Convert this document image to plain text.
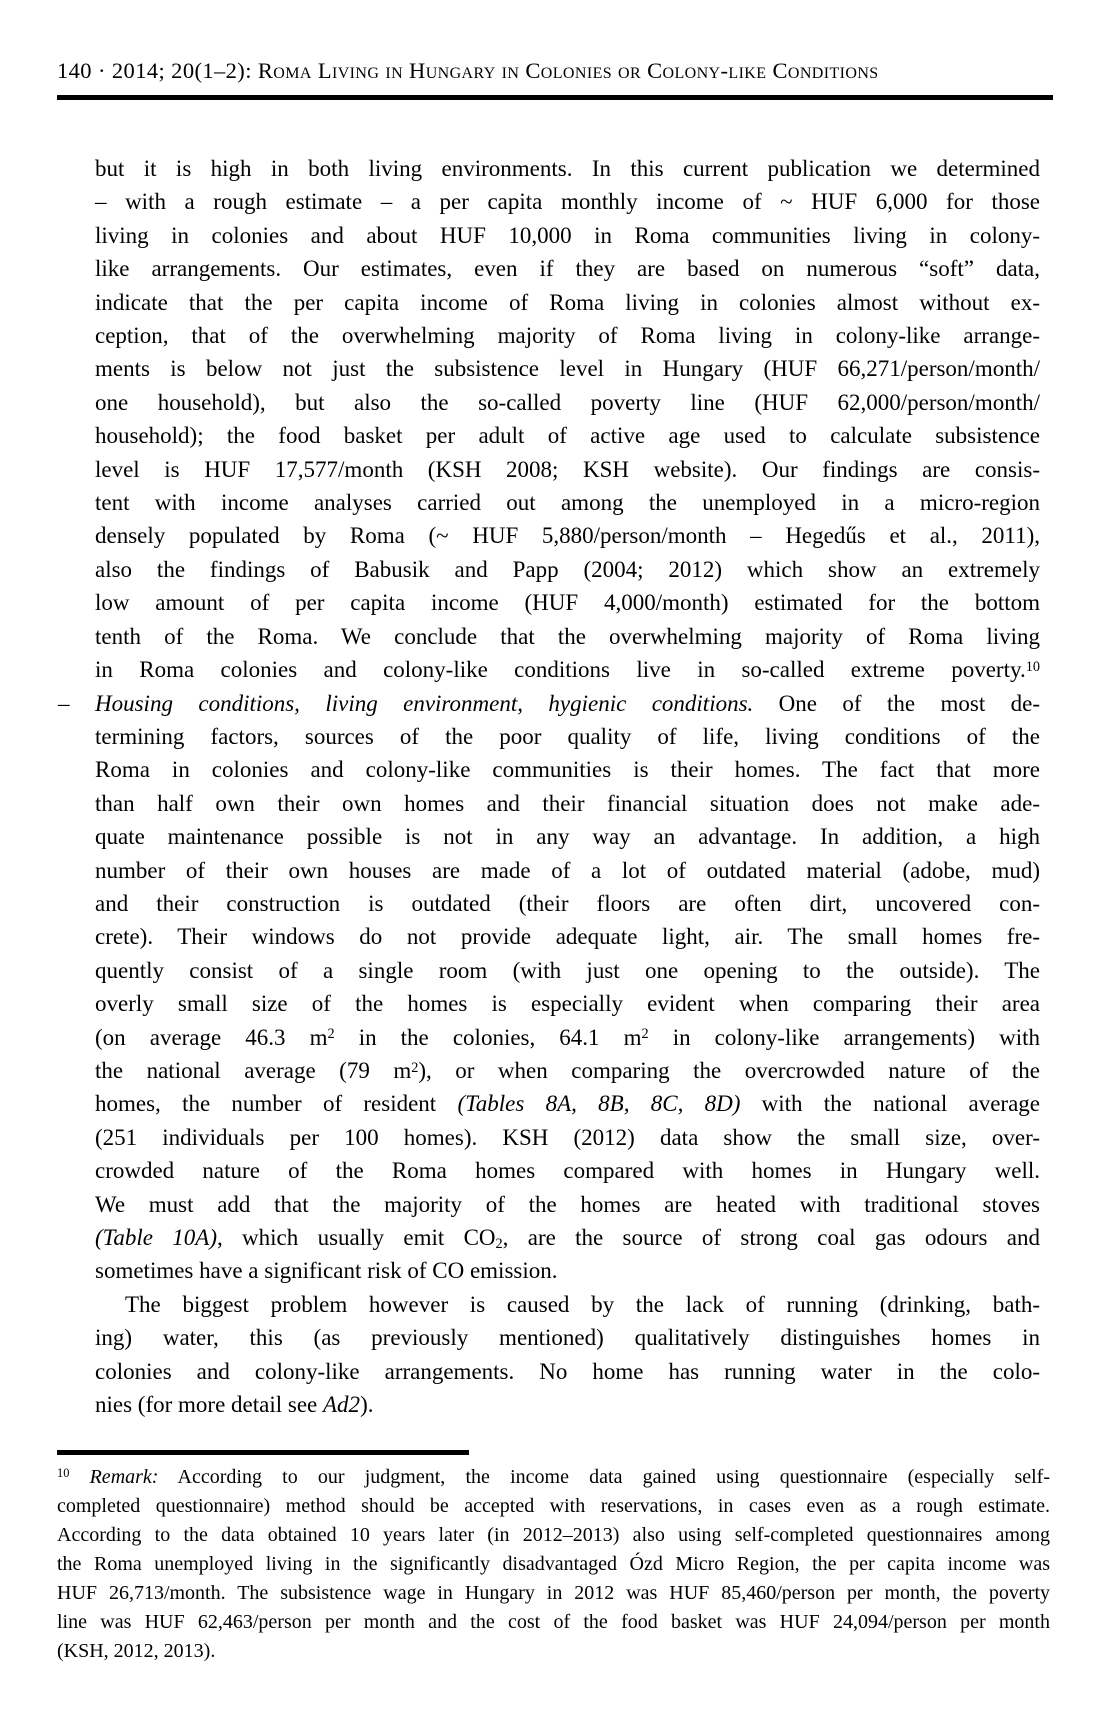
140 · 2014; 20(1–2): Roma Living in Hungary in Colonies or Colony-like Conditions
but it is high in both living environments. In this current publication we determined
– with a rough estimate – a per capita monthly income of ~ HUF 6,000 for those
living in colonies and about HUF 10,000 in Roma communities living in colony-
like arrangements. Our estimates, even if they are based on numerous “soft” data,
indicate that the per capita income of Roma living in colonies almost without ex-
ception, that of the overwhelming majority of Roma living in colony-like arrange-
ments is below not just the subsistence level in Hungary (HUF 66,271/person/month/
one household), but also the so-called poverty line (HUF 62,000/person/month/
household); the food basket per adult of active age used to calculate subsistence
level is HUF 17,577/month (KSH 2008; KSH website). Our findings are consis-
tent with income analyses carried out among the unemployed in a micro-region
densely populated by Roma (~ HUF 5,880/person/month – Hegedűs et al., 2011),
also the findings of Babusik and Papp (2004; 2012) which show an extremely
low amount of per capita income (HUF 4,000/month) estimated for the bottom
tenth of the Roma. We conclude that the overwhelming majority of Roma living
in Roma colonies and colony-like conditions live in so-called extreme poverty.$^{10}$
– Housing conditions, living environment, hygienic conditions. One of the most de-
termining factors, sources of the poor quality of life, living conditions of the
Roma in colonies and colony-like communities is their homes. The fact that more
than half own their own homes and their financial situation does not make ade-
quate maintenance possible is not in any way an advantage. In addition, a high
number of their own houses are made of a lot of outdated material (adobe, mud)
and their construction is outdated (their floors are often dirt, uncovered con-
crete). Their windows do not provide adequate light, air. The small homes fre-
quently consist of a single room (with just one opening to the outside). The
overly small size of the homes is especially evident when comparing their area
(on average 46.3 $m^2$ in the colonies, 64.1 $m^2$ in colony-like arrangements) with
the national average (79 $m^2$), or when comparing the overcrowded nature of the
homes, the number of resident (Tables 8A, 8B, 8C, 8D) with the national average
(251 individuals per 100 homes). KSH (2012) data show the small size, over-
crowded nature of the Roma homes compared with homes in Hungary well.
We must add that the majority of the homes are heated with traditional stoves
(Table 10A), which usually emit CO2, are the source of strong coal gas odours and
sometimes have a significant risk of CO emission.
The biggest problem however is caused by the lack of running (drinking, bath-
ing) water, this (as previously mentioned) qualitatively distinguishes homes in
colonies and colony-like arrangements. No home has running water in the colo-
nies (for more detail see Ad2).
$^{10}$ Remark: According to our judgment, the income data gained using questionnaire (especially self-
completed questionnaire) method should be accepted with reservations, in cases even as a rough estimate.
According to the data obtained 10 years later (in 2012–2013) also using self-completed questionnaires among
the Roma unemployed living in the significantly disadvantaged Ózd Micro Region, the per capita income was
HUF 26,713/month. The subsistence wage in Hungary in 2012 was HUF 85,460/person per month, the poverty
line was HUF 62,463/person per month and the cost of the food basket was HUF 24,094/person per month
(KSH, 2012, 2013).
